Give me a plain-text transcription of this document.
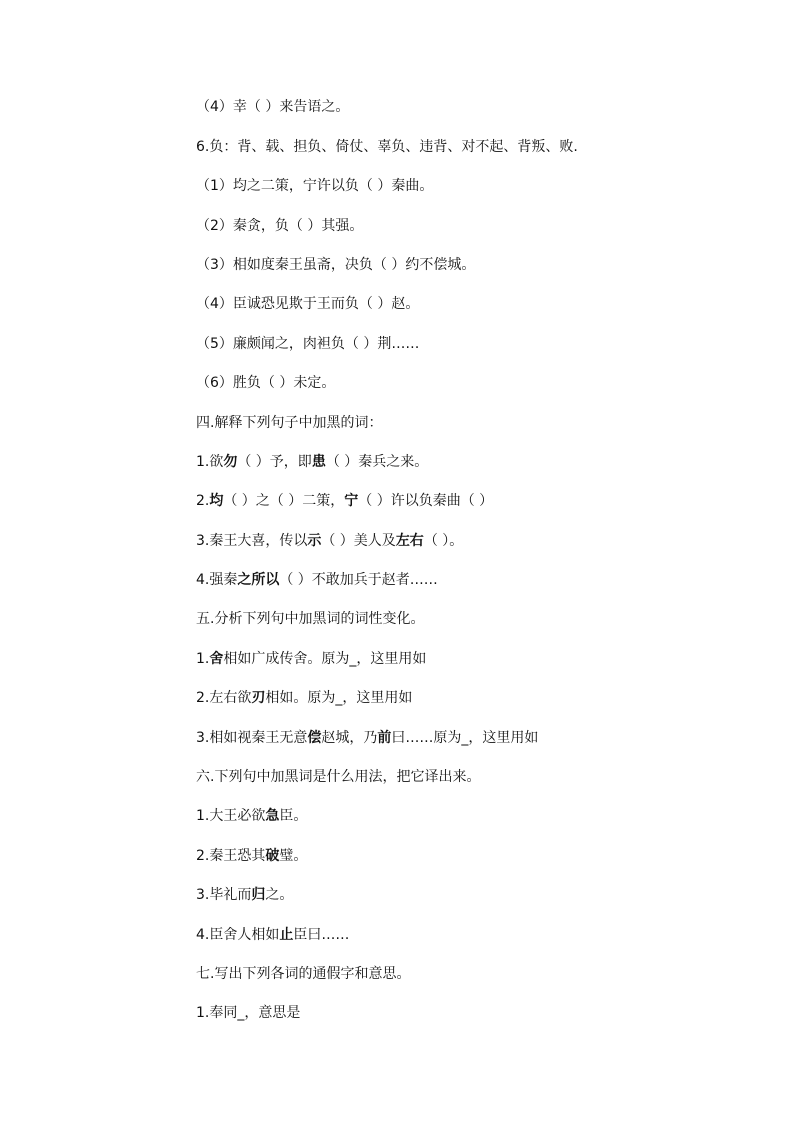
（4）幸（ ）来告语之。
6.负：背、载、担负、倚仗、辜负、违背、对不起、背叛、败.
（1）均之二策，宁许以负（ ）秦曲。
（2）秦贪，负（ ）其强。
（3）相如度秦王虽斋，决负（ ）约不偿城。
（4）臣诚恐见欺于王而负（ ）赵。
（5）廉颇闻之，肉袒负（ ）荆……
（6）胜负（ ）未定。
四.解释下列句子中加黑的词：
1.欲勿（ ）予，即患（ ）秦兵之来。
2.均（ ）之（ ）二策，宁（ ）许以负秦曲（ ）
3.秦王大喜，传以示（ ）美人及左右（ ）。
4.强秦之所以（ ）不敢加兵于赵者……
五.分析下列句中加黑词的词性变化。
1.舍相如广成传舍。原为_，这里用如
2.左右欲刃相如。原为_，这里用如
3.相如视秦王无意偿赵城，乃前曰……原为_，这里用如
六.下列句中加黑词是什么用法，把它译出来。
1.大王必欲急臣。
2.秦王恐其破璧。
3.毕礼而归之。
4.臣舍人相如止臣曰……
七.写出下列各词的通假字和意思。
1.奉同_，意思是
